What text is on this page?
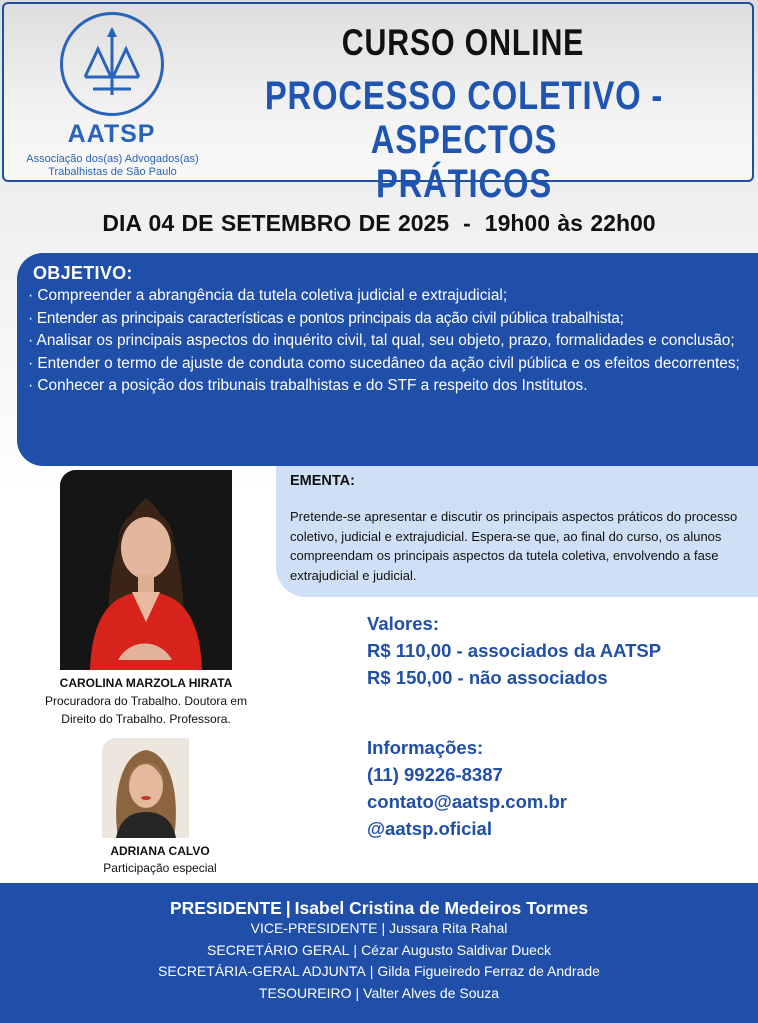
AATSP
Associação dos(as) Advogados(as)
Trabalhistas de São Paulo
CURSO ONLINE
PROCESSO COLETIVO - ASPECTOS
PRÁTICOS
DIA 04 DE SETEMBRO DE 2025 - 19h00 às 22h00
OBJETIVO:
· Compreender a abrangência da tutela coletiva judicial e extrajudicial;
· Entender as principais características e pontos principais da ação civil pública trabalhista;
· Analisar os principais aspectos do inquérito civil, tal qual, seu objeto, prazo, formalidades e conclusão;
· Entender o termo de ajuste de conduta como sucedâneo da ação civil pública e os efeitos decorrentes;
· Conhecer a posição dos tribunais trabalhistas e do STF a respeito dos Institutos.
CAROLINA MARZOLA HIRATA
Procuradora do Trabalho. Doutora em
Direito do Trabalho. Professora.
ADRIANA CALVO
Participação especial
EMENTA:
Pretende-se apresentar e discutir os principais aspectos práticos do processo coletivo, judicial e extrajudicial. Espera-se que, ao final do curso, os alunos compreendam os principais aspectos da tutela coletiva, envolvendo a fase extrajudicial e judicial.
Valores:
R$ 110,00 - associados da AATSP
R$ 150,00 - não associados
Informações:
(11) 99226-8387
contato@aatsp.com.br
@aatsp.oficial
PRESIDENTE | Isabel Cristina de Medeiros Tormes
VICE-PRESIDENTE | Jussara Rita Rahal
SECRETÁRIO GERAL | Cézar Augusto Saldivar Dueck
SECRETÁRIA-GERAL ADJUNTA | Gilda Figueiredo Ferraz de Andrade
TESOUREIRO | Valter Alves de Souza
